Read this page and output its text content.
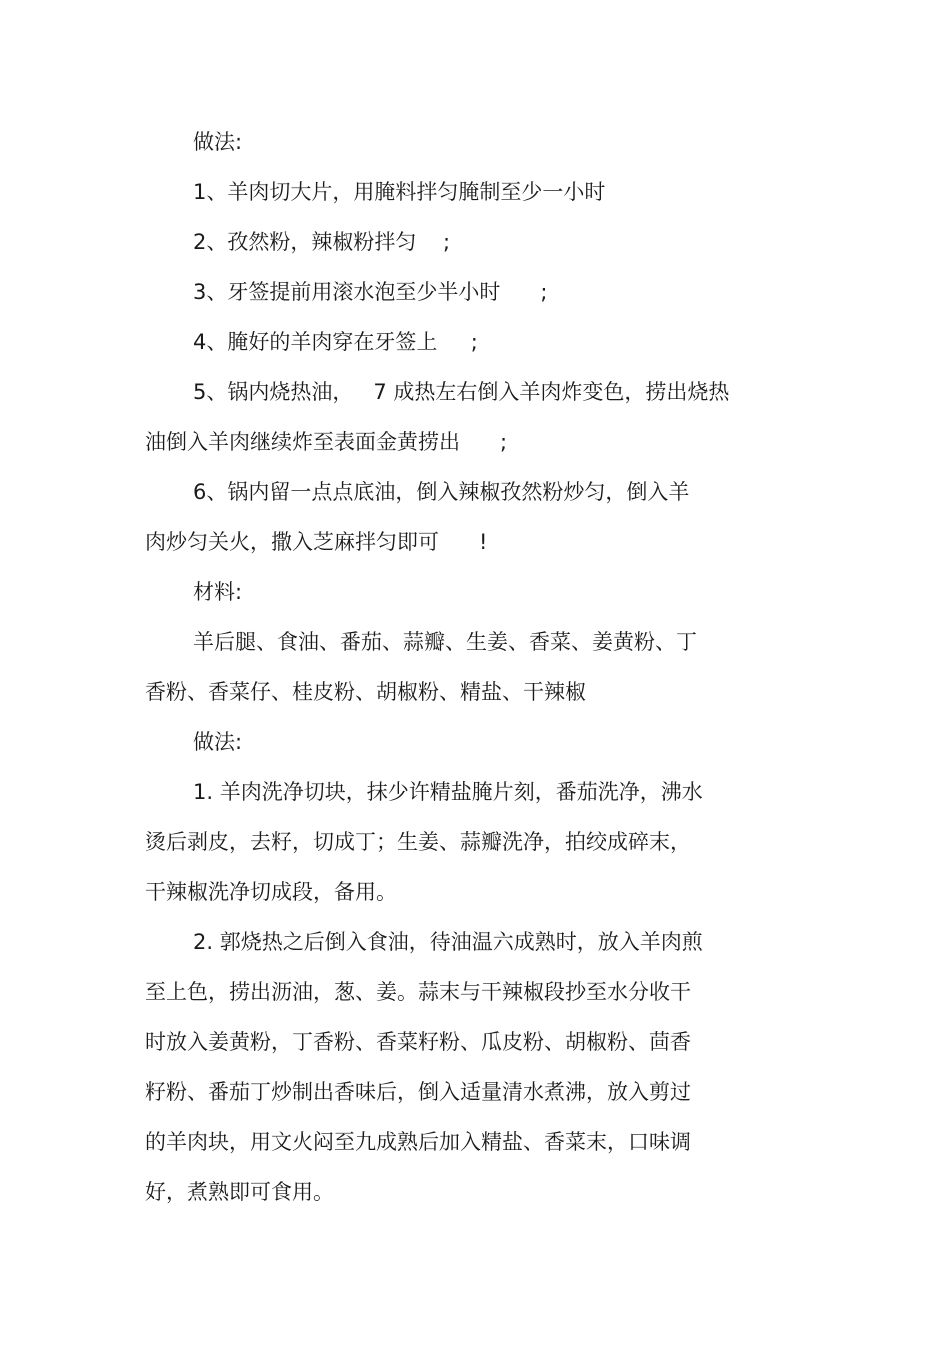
做法:
1、羊肉切大片，用腌料拌匀腌制至少一小时
2、孜然粉，辣椒粉拌匀    ;
3、牙签提前用滚水泡至少半小时      ;
4、腌好的羊肉穿在牙签上     ;
5、锅内烧热油，   7 成热左右倒入羊肉炸变色，捞出烧热
油倒入羊肉继续炸至表面金黄捞出      ;
6、锅内留一点点底油，倒入辣椒孜然粉炒匀，倒入羊
肉炒匀关火，撒入芝麻拌匀即可      !
材料:
羊后腿、食油、番茄、蒜瓣、生姜、香菜、姜黄粉、丁
香粉、香菜仔、桂皮粉、胡椒粉、精盐、干辣椒
做法:
1. 羊肉洗净切块，抹少许精盐腌片刻，番茄洗净，沸水
烫后剥皮，去籽，切成丁；生姜、蒜瓣洗净，拍绞成碎末，
干辣椒洗净切成段，备用。
2. 郭烧热之后倒入食油，待油温六成熟时，放入羊肉煎
至上色，捞出沥油，葱、姜。蒜末与干辣椒段抄至水分收干
时放入姜黄粉，丁香粉、香菜籽粉、瓜皮粉、胡椒粉、茴香
籽粉、番茄丁炒制出香味后，倒入适量清水煮沸，放入剪过
的羊肉块，用文火闷至九成熟后加入精盐、香菜末，口味调
好，煮熟即可食用。
